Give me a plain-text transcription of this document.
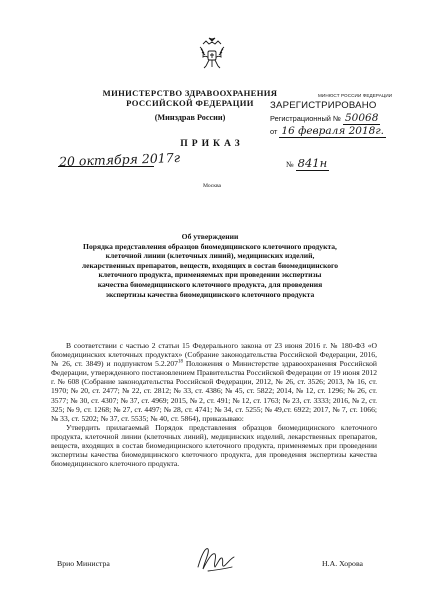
МИНИСТЕРСТВО ЗДРАВООХРАНЕНИЯ
РОССИЙСКОЙ ФЕДЕРАЦИИ
(Минздрав России)
МИНЮСТ РОССИИ ФЕДЕРАЦИИ
ЗАРЕГИСТРИРОВАНО
Регистрационный № 50068
от 16 февраля 2018г.
ПРИКАЗ
20 октября 2017г	№ 841н
Москва
Об утверждении
Порядка представления образцов биомедицинского клеточного продукта,
клеточной линии (клеточных линий), медицинских изделий,
лекарственных препаратов, веществ, входящих в состав биомедицинского
клеточного продукта, применяемых при проведении экспертизы
качества биомедицинского клеточного продукта, для проведения
экспертизы качества биомедицинского клеточного продукта

В соответствии с частью 2 статьи 15 Федерального закона от 23 июня 2016 г. № 180-ФЗ «О биомедицинских клеточных продуктах» (Собрание законодательства Российской Федерации, 2016, № 26, ст. 3849) и подпунктом 5.2.207$^{18}$ Положения о Министерстве здравоохранения Российской Федерации, утвержденного постановлением Правительства Российской Федерации от 19 июня 2012 г. № 608 (Собрание законодательства Российской Федерации, 2012, № 26, ст. 3526; 2013, № 16, ст. 1970; № 20, ст. 2477; № 22, ст. 2812; № 33, ст. 4386; № 45, ст. 5822; 2014, № 12, ст. 1296; № 26, ст. 3577; № 30, ст. 4307; № 37, ст. 4969; 2015, № 2, ст. 491; № 12, ст. 1763; № 23, ст. 3333; 2016, № 2, ст. 325; № 9, ст. 1268; № 27, ст. 4497; № 28, ст. 4741; № 34, ст. 5255; № 49,ст. 6922; 2017, № 7, ст. 1066; № 33, ст. 5202; № 37, ст. 5535; № 40, ст. 5864), приказываю:

Утвердить прилагаемый Порядок представления образцов биомедицинского клеточного продукта, клеточной линии (клеточных линий), медицинских изделий, лекарственных препаратов, веществ, входящих в состав биомедицинского клеточного продукта, применяемых при проведении экспертизы качества биомедицинского клеточного продукта, для проведения экспертизы качества биомедицинского клеточного продукта.

Врио Министра	Н.А. Хорова
